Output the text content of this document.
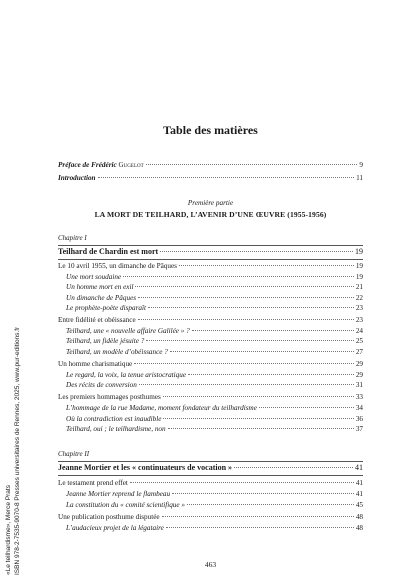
«Le teilhardisme», Merce Prats ISBN 978-2-7535-9070-8 Presses universitaires de Rennes, 2025, www.pur-editions.fr
Table des matières
Préface de Frédéric Gugelot	9
Introduction	11
Première partie
LA MORT DE TEILHARD, L’AVENIR D’UNE ŒUVRE (1955-1956)
Chapitre I
Teilhard de Chardin est mort	19
Le 10 avril 1955, un dimanche de Pâques	19
Une mort soudaine	19
Un homme mort en exil	21
Un dimanche de Pâques	22
Le prophète-poète disparaît	23
Entre fidélité et obéissance	23
Teilhard, une « nouvelle affaire Galilée » ?	24
Teilhard, un fidèle jésuite ?	25
Teilhard, un modèle d’obéissance ?	27
Un homme charismatique	29
Le regard, la voix, la tenue aristocratique	29
Des récits de conversion	31
Les premiers hommages posthumes	33
L’hommage de la rue Madame, moment fondateur du teilhardisme	34
Où la contradiction est inaudible	36
Teilhard, oui ; le teilhardisme, non	37
Chapitre II
Jeanne Mortier et les « continuateurs de vocation »	41
Le testament prend effet	41
Jeanne Mortier reprend le flambeau	41
La constitution du « comité scientifique »	45
Une publication posthume disputée	48
L’audacieux projet de la légataire	48
463
